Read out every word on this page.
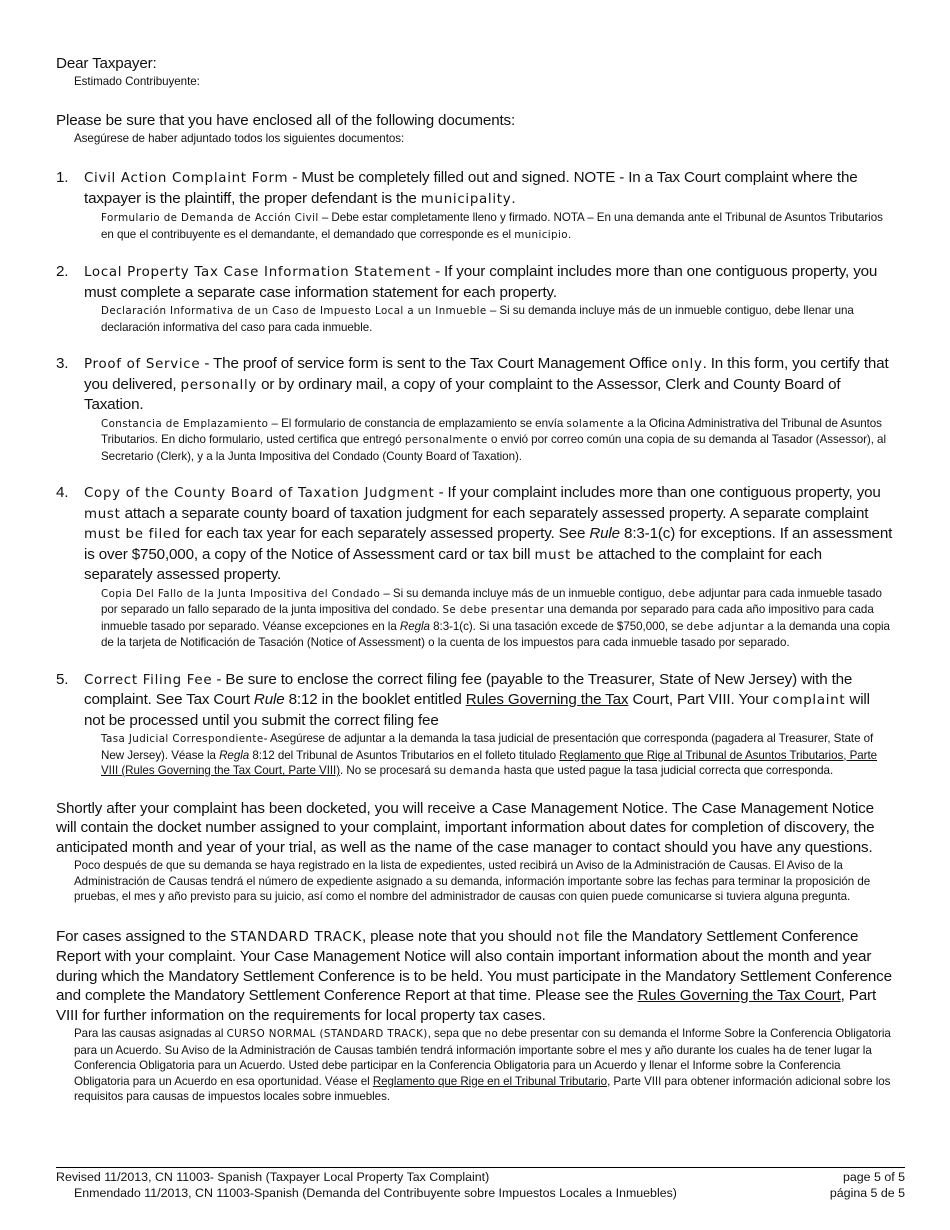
Dear Taxpayer:
Estimado Contribuyente:
Please be sure that you have enclosed all of the following documents:
Asegúrese de haber adjuntado todos los siguientes documentos:
1. Civil Action Complaint Form - Must be completely filled out and signed. NOTE - In a Tax Court complaint where the taxpayer is the plaintiff, the proper defendant is the municipality.
Formulario de Demanda de Acción Civil – Debe estar completamente lleno y firmado. NOTA – En una demanda ante el Tribunal de Asuntos Tributarios en que el contribuyente es el demandante, el demandado que corresponde es el municipio.
2. Local Property Tax Case Information Statement - If your complaint includes more than one contiguous property, you must complete a separate case information statement for each property.
Declaración Informativa de un Caso de Impuesto Local a un Inmueble – Si su demanda incluye más de un inmueble contiguo, debe llenar una declaración informativa del caso para cada inmueble.
3. Proof of Service - The proof of service form is sent to the Tax Court Management Office only. In this form, you certify that you delivered, personally or by ordinary mail, a copy of your complaint to the Assessor, Clerk and County Board of Taxation.
Constancia de Emplazamiento – El formulario de constancia de emplazamiento se envía solamente a la Oficina Administrativa del Tribunal de Asuntos Tributarios. En dicho formulario, usted certifica que entregó personalmente o envió por correo común una copia de su demanda al Tasador (Assessor), al Secretario (Clerk), y a la Junta Impositiva del Condado (County Board of Taxation).
4. Copy of the County Board of Taxation Judgment - If your complaint includes more than one contiguous property, you must attach a separate county board of taxation judgment for each separately assessed property. A separate complaint must be filed for each tax year for each separately assessed property. See Rule 8:3-1(c) for exceptions. If an assessment is over $750,000, a copy of the Notice of Assessment card or tax bill must be attached to the complaint for each separately assessed property.
Copia Del Fallo de la Junta Impositiva del Condado – Si su demanda incluye más de un inmueble contiguo, debe adjuntar para cada inmueble tasado por separado un fallo separado de la junta impositiva del condado. Se debe presentar una demanda por separado para cada año impositivo para cada inmueble tasado por separado. Véanse excepciones en la Regla 8:3-1(c). Si una tasación excede de $750,000, se debe adjuntar a la demanda una copia de la tarjeta de Notificación de Tasación (Notice of Assessment) o la cuenta de los impuestos para cada inmueble tasado por separado.
5. Correct Filing Fee - Be sure to enclose the correct filing fee (payable to the Treasurer, State of New Jersey) with the complaint. See Tax Court Rule 8:12 in the booklet entitled Rules Governing the Tax Court, Part VIII. Your complaint will not be processed until you submit the correct filing fee
Tasa Judicial Correspondiente- Asegúrese de adjuntar a la demanda la tasa judicial de presentación que corresponda (pagadera al Treasurer, State of New Jersey). Véase la Regla 8:12 del Tribunal de Asuntos Tributarios en el folleto titulado Reglamento que Rige al Tribunal de Asuntos Tributarios, Parte VIII (Rules Governing the Tax Court, Parte VIII). No se procesará su demanda hasta que usted pague la tasa judicial correcta que corresponda.
Shortly after your complaint has been docketed, you will receive a Case Management Notice. The Case Management Notice will contain the docket number assigned to your complaint, important information about dates for completion of discovery, the anticipated month and year of your trial, as well as the name of the case manager to contact should you have any questions.
Poco después de que su demanda se haya registrado en la lista de expedientes, usted recibirá un Aviso de la Administración de Causas. El Aviso de la Administración de Causas tendrá el número de expediente asignado a su demanda, información importante sobre las fechas para terminar la proposición de pruebas, el mes y año previsto para su juicio, así como el nombre del administrador de causas con quien puede comunicarse si tuviera alguna pregunta.
For cases assigned to the STANDARD TRACK, please note that you should not file the Mandatory Settlement Conference Report with your complaint. Your Case Management Notice will also contain important information about the month and year during which the Mandatory Settlement Conference is to be held. You must participate in the Mandatory Settlement Conference and complete the Mandatory Settlement Conference Report at that time. Please see the Rules Governing the Tax Court, Part VIII for further information on the requirements for local property tax cases.
Para las causas asignadas al CURSO NORMAL (STANDARD TRACK), sepa que no debe presentar con su demanda el Informe Sobre la Conferencia Obligatoria para un Acuerdo. Su Aviso de la Administración de Causas también tendrá información importante sobre el mes y año durante los cuales ha de tener lugar la Conferencia Obligatoria para un Acuerdo. Usted debe participar en la Conferencia Obligatoria para un Acuerdo y llenar el Informe sobre la Conferencia Obligatoria para un Acuerdo en esa oportunidad. Véase el Reglamento que Rige en el Tribunal Tributario, Parte VIII para obtener información adicional sobre los requisitos para causas de impuestos locales sobre inmuebles.
Revised 11/2013, CN 11003- Spanish (Taxpayer Local Property Tax Complaint)	page 5 of 5
Enmendado 11/2013, CN 11003-Spanish (Demanda del Contribuyente sobre Impuestos Locales a Inmuebles)	página 5 de 5
